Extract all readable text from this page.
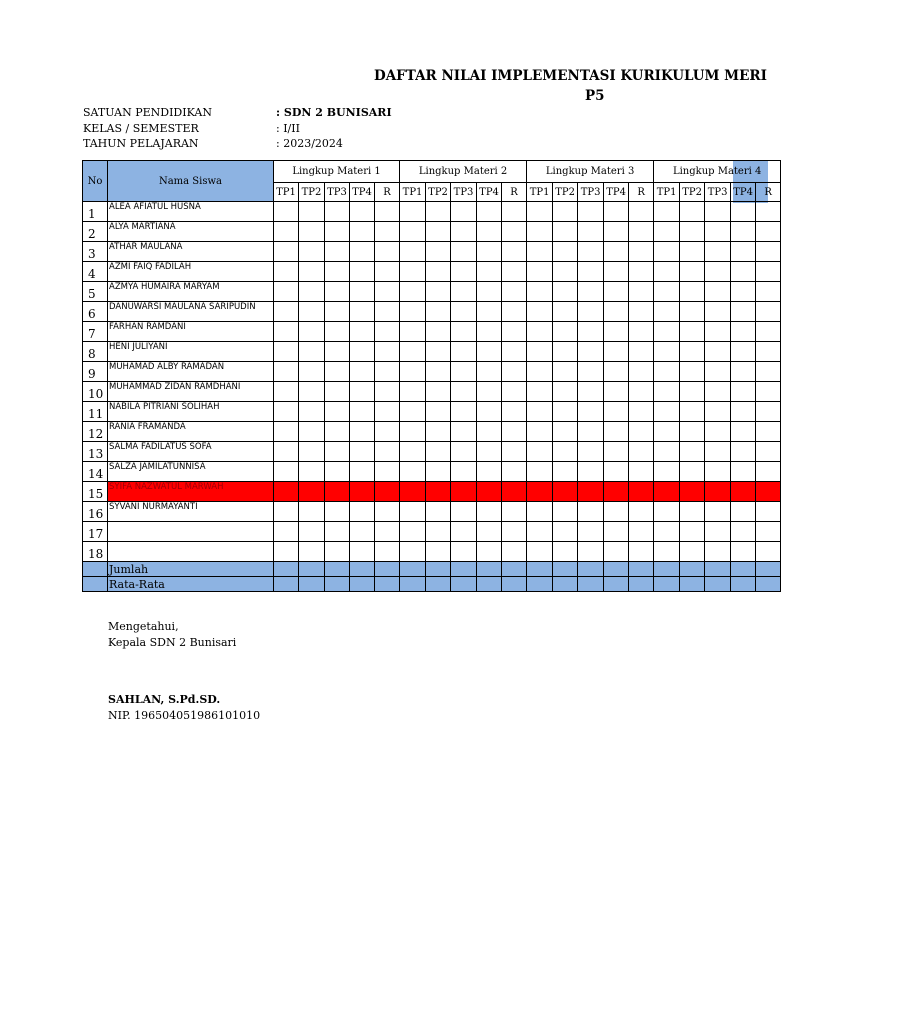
DAFTAR NILAI IMPLEMENTASI KURIKULUM MERI
P5
SATUAN PENDIDIKAN	: SDN 2 BUNISARI
KELAS / SEMESTER	: I/II
TAHUN PELAJARAN	: 2023/2024
No	Nama Siswa	Lingkup Materi 1					Lingkup Materi 2					Lingkup Materi 3					Lingkup Materi 4				
		TP1	TP2	TP3	TP4	R	TP1	TP2	TP3	TP4	R	TP1	TP2	TP3	TP4	R	TP1	TP2	TP3	TP4	R
1	ALEA AFIATUL HUSNA																				
2	ALYA MARTIANA																				
3	ATHAR MAULANA																				
4	AZMI FAIQ FADILAH																				
5	AZMYA HUMAIRA MARYAM																				
6	DANUWARSI MAULANA SARIPUDIN																				
7	FARHAN RAMDANI																				
8	HENI JULIYANI																				
9	MUHAMAD ALBY RAMADAN																				
10	MUHAMMAD ZIDAN RAMDHANI																				
11	NABILA PITRIANI SOLIHAH																				
12	RANIA FRAMANDA																				
13	SALMA FADILATUS SOFA																				
14	SALZA JAMILATUNNISA																				
15	SYIFA NAZWATUL MARWAH																				
16	SYVANI NURMAYANTI																				
17																					
18																					
	Jumlah																				
	Rata-Rata																				
Mengetahui,
Kepala SDN 2 Bunisari
SAHLAN, S.Pd.SD.
NIP. 196504051986101010
